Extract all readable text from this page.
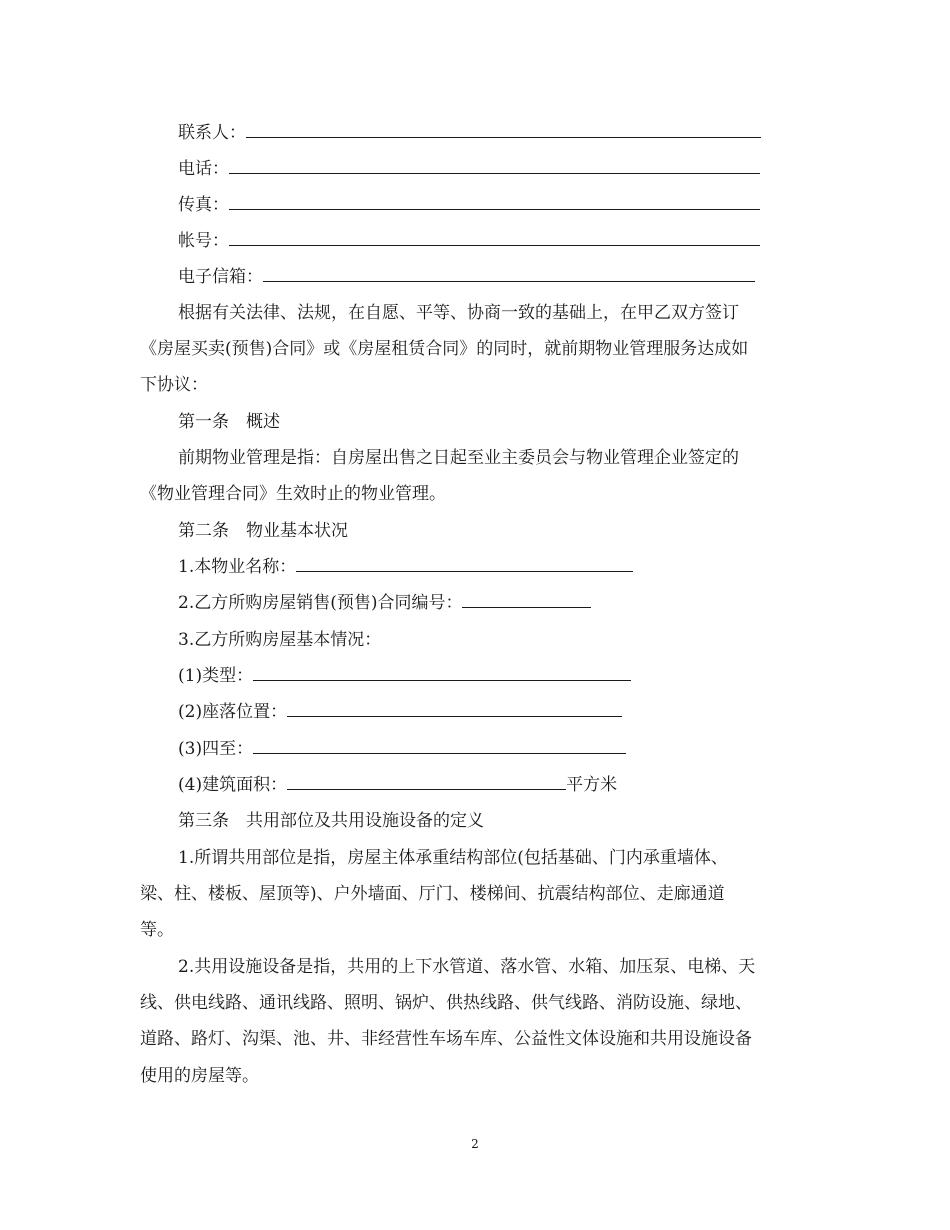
联系人：
电话：
传真：
帐号：
电子信箱：
根据有关法律、法规，在自愿、平等、协商一致的基础上，在甲乙双方签订
《房屋买卖(预售)合同》或《房屋租赁合同》的同时，就前期物业管理服务达成如
下协议：
第一条　概述
前期物业管理是指：自房屋出售之日起至业主委员会与物业管理企业签定的
《物业管理合同》生效时止的物业管理。
第二条　物业基本状况
1.本物业名称：
2.乙方所购房屋销售(预售)合同编号：
3.乙方所购房屋基本情况：
(1)类型：
(2)座落位置：
(3)四至：
(4)建筑面积：	平方米
第三条　共用部位及共用设施设备的定义
1.所谓共用部位是指，房屋主体承重结构部位(包括基础、门内承重墙体、
梁、柱、楼板、屋顶等)、户外墙面、厅门、楼梯间、抗震结构部位、走廊通道
等。
2.共用设施设备是指，共用的上下水管道、落水管、水箱、加压泵、电梯、天
线、供电线路、通讯线路、照明、锅炉、供热线路、供气线路、消防设施、绿地、
道路、路灯、沟渠、池、井、非经营性车场车库、公益性文体设施和共用设施设备
使用的房屋等。
2
